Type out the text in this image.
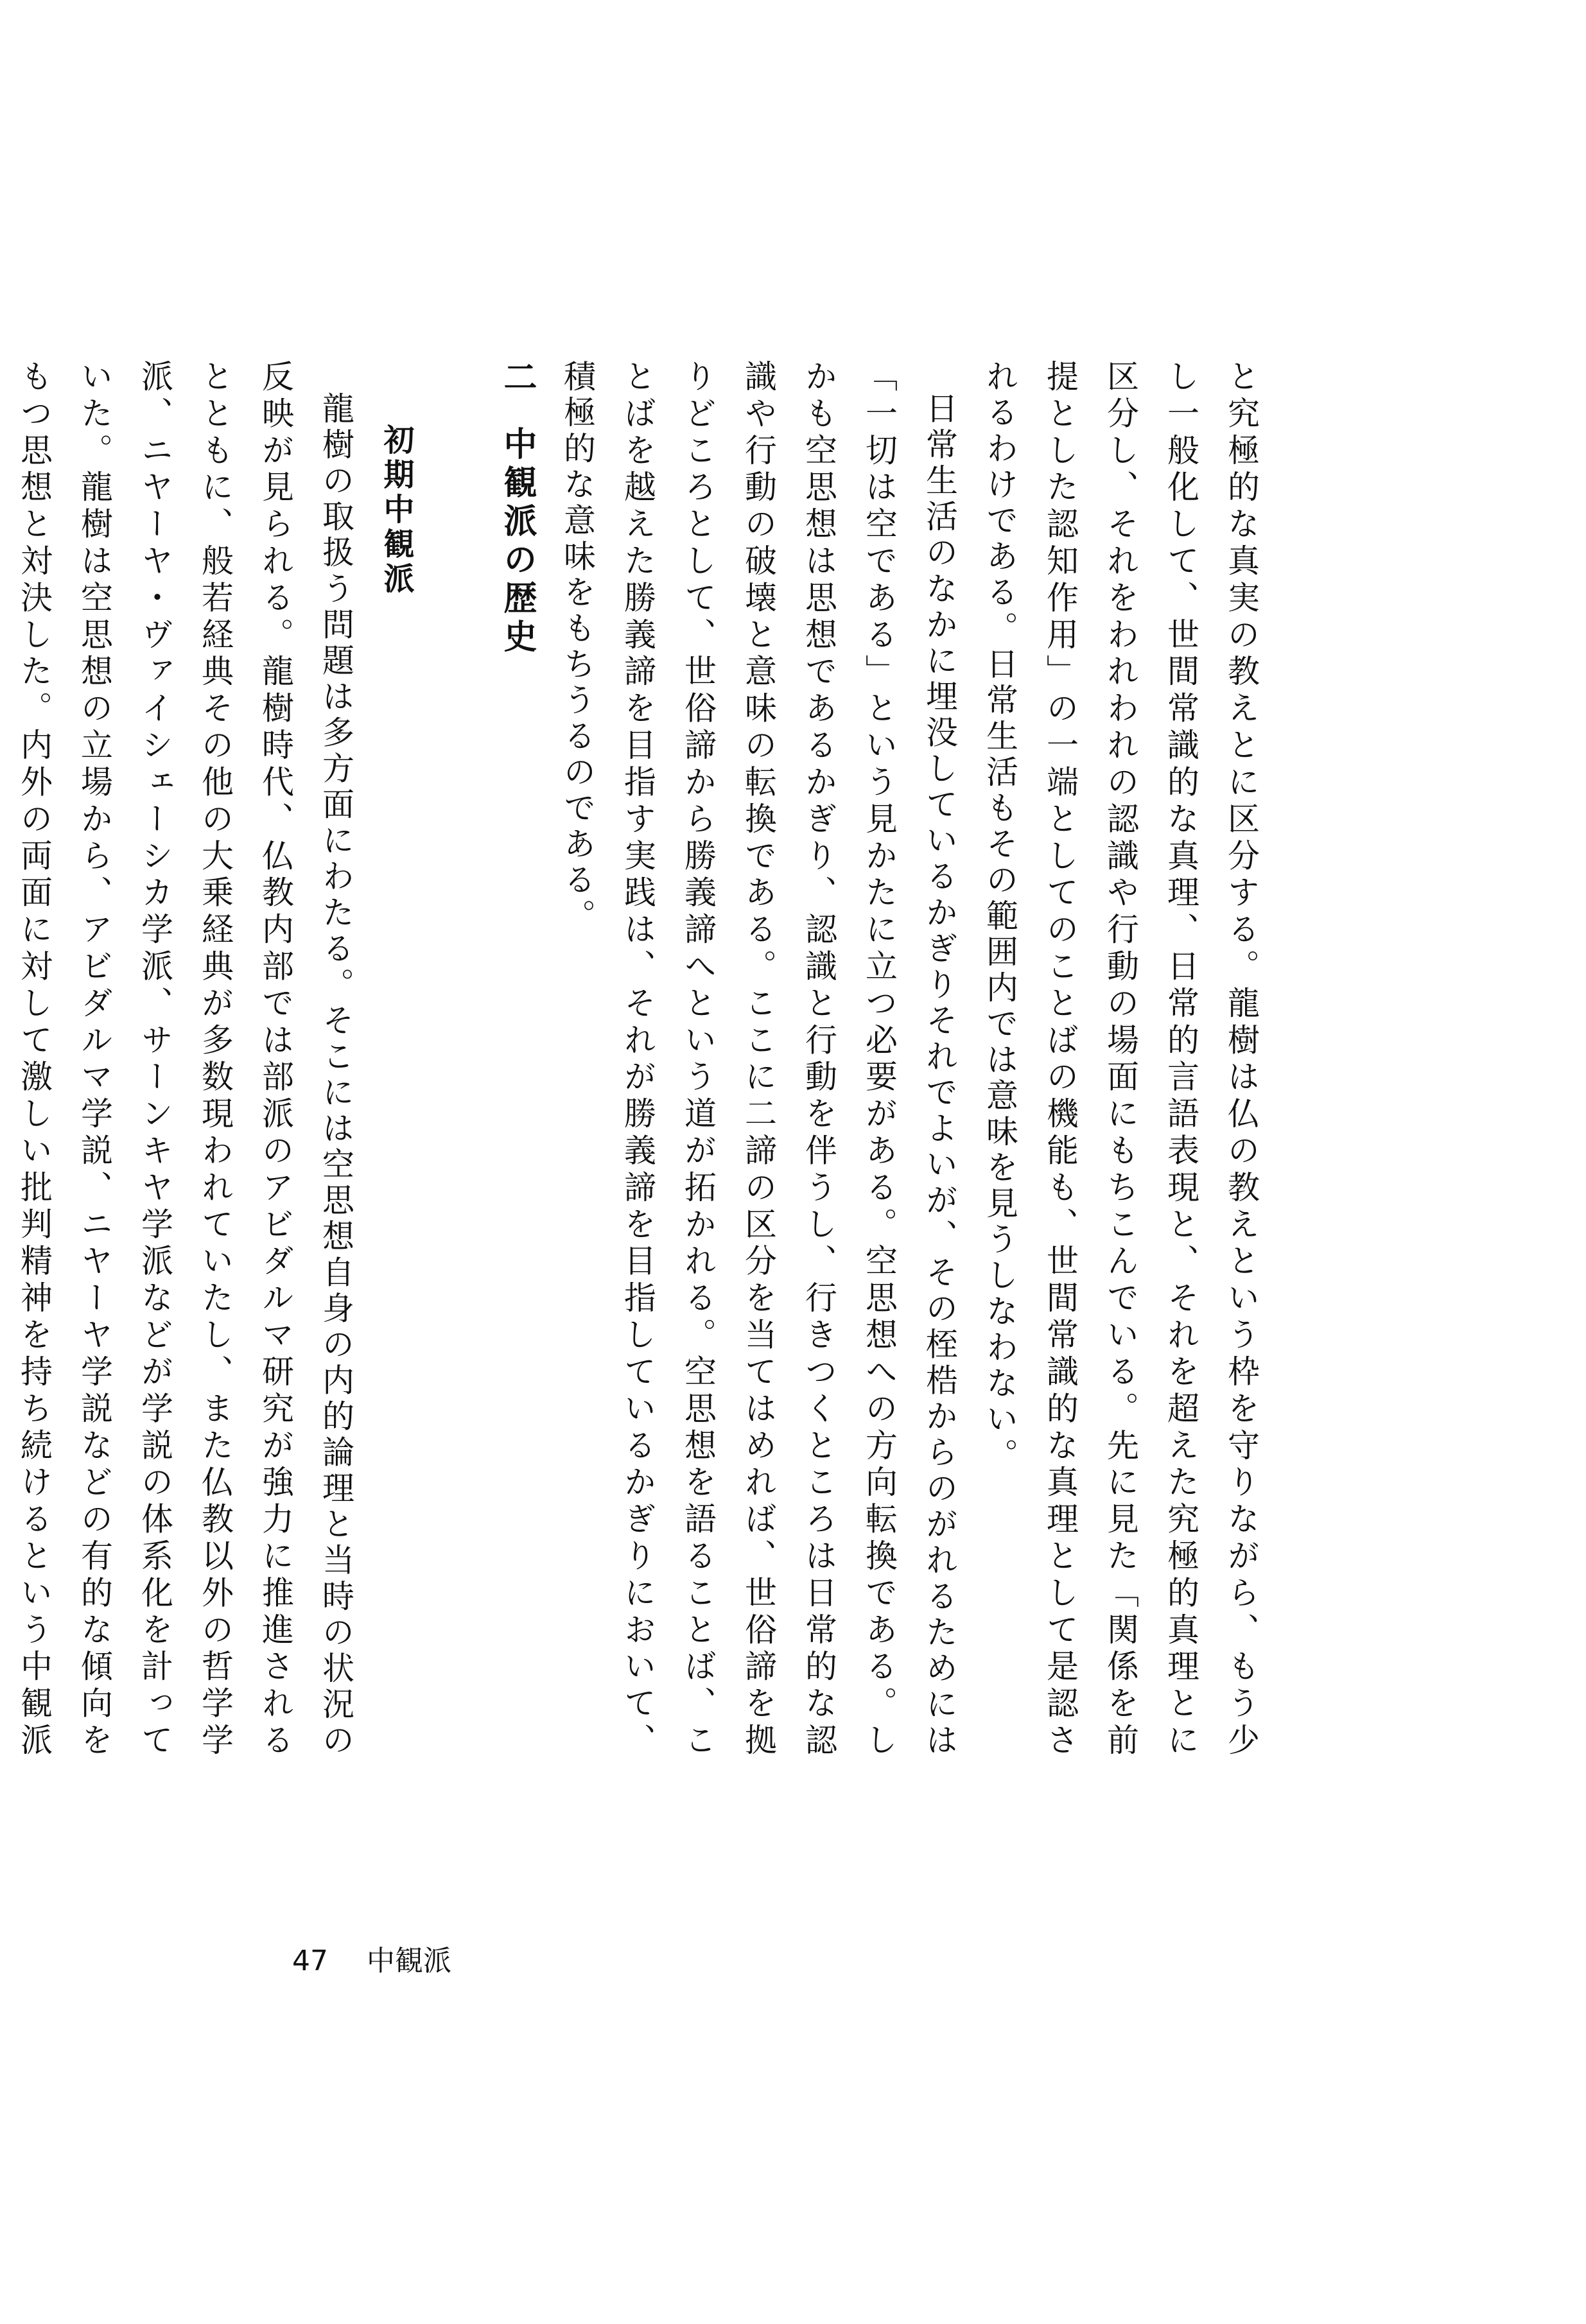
と究極的な真実の教えとに区分する。龍樹は仏の教えという枠を守りながら、もう少し一般化して、世間常識的な真理、日常的言語表現と、それを超えた究極的真理とに区分し、それをわれわれの認識や行動の場面にもちこんでいる。先に見た「関係を前提とした認知作用」の一端としてのことばの機能も、世間常識的な真理として是認されるわけである。日常生活もその範囲内では意味を見うしなわない。

日常生活のなかに埋没しているかぎりそれでよいが、その桎梏からのがれるためには「一切は空である」という見かたに立つ必要がある。空思想への方向転換である。しかも空思想は思想であるかぎり、認識と行動を伴うし、行きつくところは日常的な認識や行動の破壊と意味の転換である。ここに二諦の区分を当てはめれば、世俗諦を拠りどころとして、世俗諦から勝義諦へという道が拓かれる。空思想を語ることば、ことばを越えた勝義諦を目指す実践は、それが勝義諦を目指しているかぎりにおいて、積極的な意味をもちうるのである。

二中観派の歴史
初期中観派

龍樹の取扱う問題は多方面にわたる。そこには空思想自身の内的論理と当時の状況の反映が見られる。龍樹時代、仏教内部では部派のアビダルマ研究が強力に推進されるとともに、般若経典その他の大乗経典が多数現われていたし、また仏教以外の哲学学派、ニヤーヤ・ヴァイシェーシカ学派、サーンキヤ学派などが学説の体系化を計っていた。龍樹は空思想の立場から、アビダルマ学説、ニヤーヤ学説などの有的な傾向をもつ思想と対決した。内外の両面に対して激しい批判精神を持ち続けるという中観派

47 中観派
